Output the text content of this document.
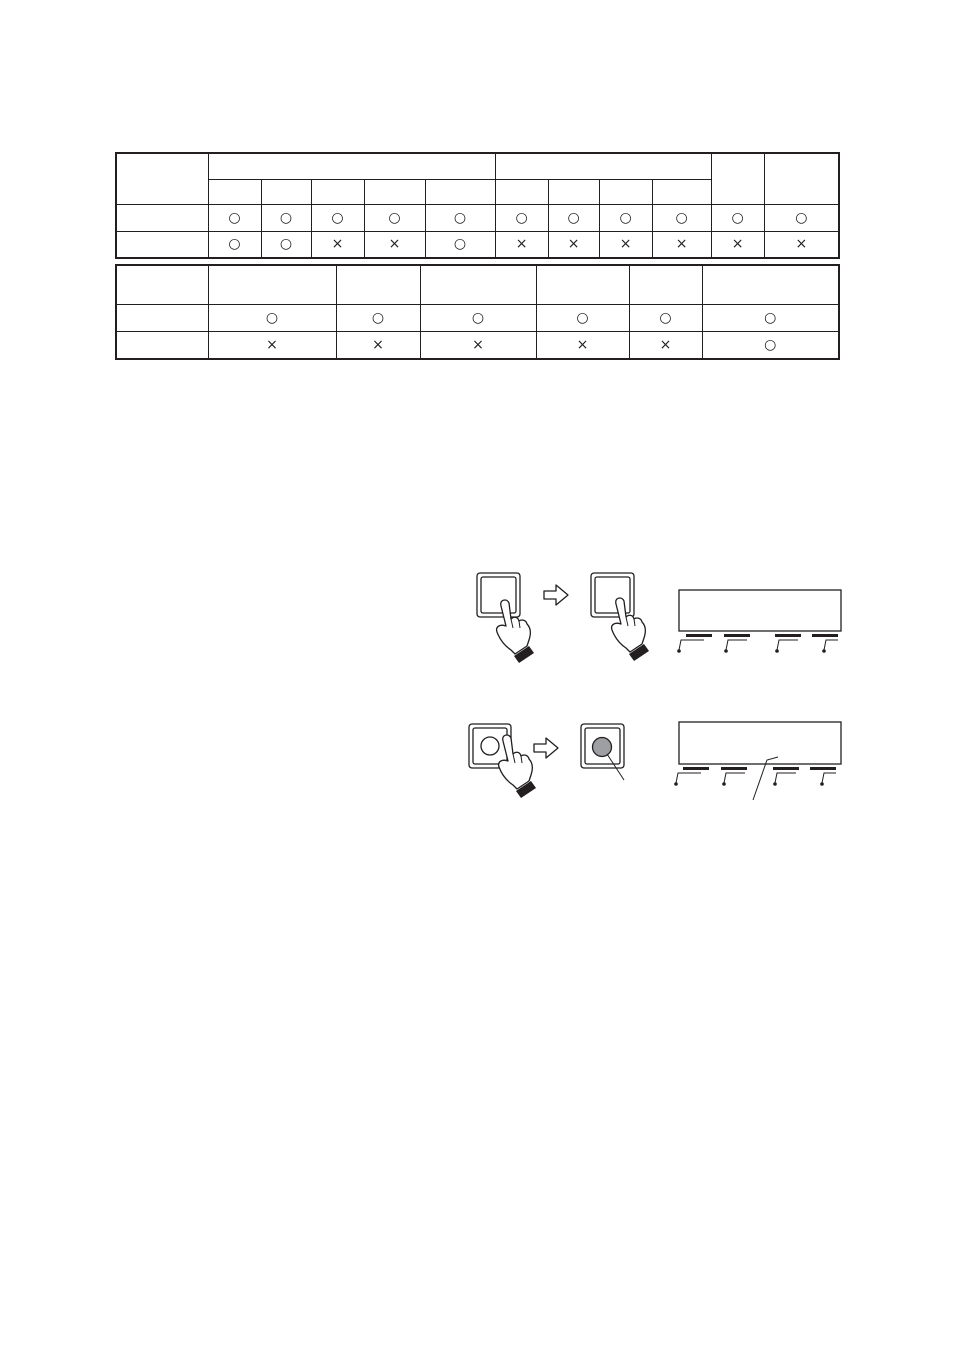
	○	○	○	○	○	○	○	○	○	○	○
	○	○	×	×	○	×	×	×	×	×	×

	○	○	○	○	○	○
	×	×	×	×	×	○
